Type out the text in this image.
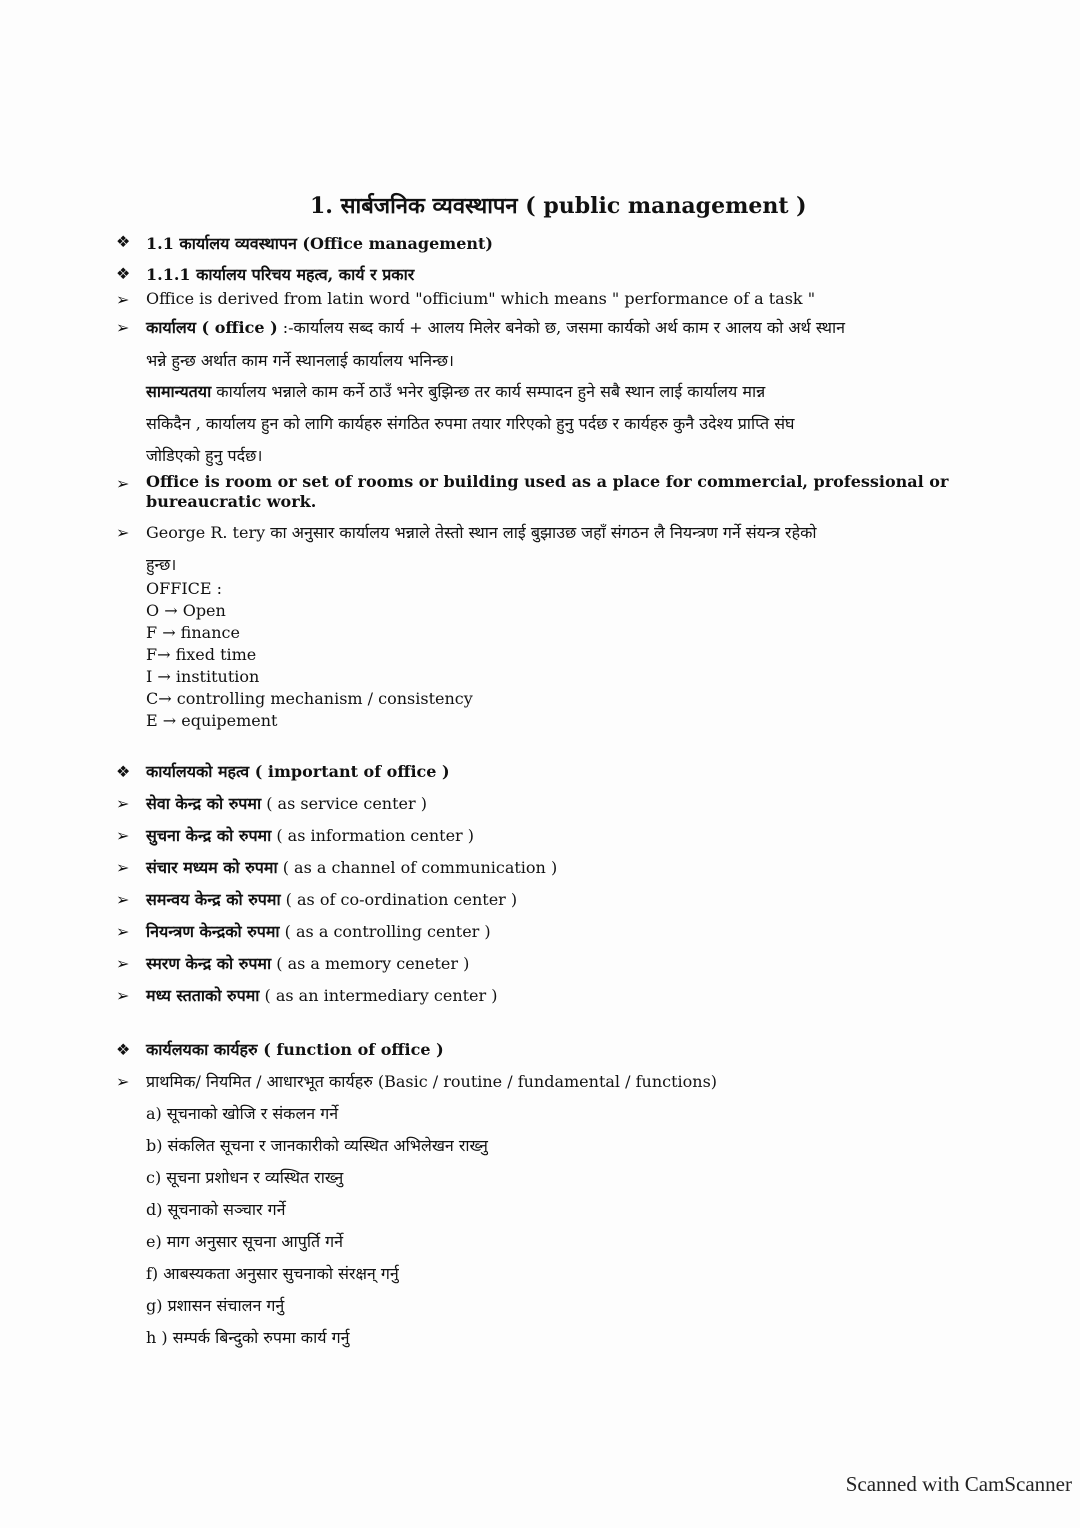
1. सार्बजनिक व्यवस्थापन ( public management )
❖ 1.1 कार्यालय व्यवस्थापन (Office management)
❖ 1.1.1 कार्यालय परिचय महत्व, कार्य र प्रकार
➢ Office is derived from latin word "officium" which means " performance of a task "
➢ कार्यालय ( office ) :-कार्यालय सब्द कार्य + आलय मिलेर बनेको छ, जसमा कार्यको अर्थ काम र आलय को अर्थ स्थान
भन्ने हुन्छ अर्थात काम गर्ने स्थानलाई कार्यालय भनिन्छ।
सामान्यतया कार्यालय भन्नाले काम कर्ने ठाउँ भनेर बुझिन्छ तर कार्य सम्पादन हुने सबै स्थान लाई कार्यालय मान्न
सकिदैन , कार्यालय हुन को लागि कार्यहरु संगठित रुपमा तयार गरिएको हुनु पर्दछ र कार्यहरु कुनै उदेश्य प्राप्ति संघ
जोडिएको हुनु पर्दछ।
➢ Office is room or set of rooms or building used as a place for commercial, professional or bureaucratic work.
➢ George R. tery का अनुसार कार्यालय भन्नाले तेस्तो स्थान लाई बुझाउछ जहाँ संगठन लै नियन्त्रण गर्ने संयन्त्र रहेको
हुन्छ।
OFFICE :
O → Open
F → finance
F→ fixed time
I → institution
C→ controlling mechanism / consistency
E → equipement
❖ कार्यालयको महत्व ( important of office )
➢ सेवा केन्द्र को रुपमा ( as service center )
➢ सुचना केन्द्र को रुपमा ( as information center )
➢ संचार मध्यम को रुपमा ( as a channel of communication )
➢ समन्वय केन्द्र को रुपमा ( as of co-ordination center )
➢ नियन्त्रण केन्द्रको रुपमा ( as a controlling center )
➢ स्मरण केन्द्र को रुपमा ( as a memory ceneter )
➢ मध्य स्तताको रुपमा ( as an intermediary center )
❖ कार्यलयका कार्यहरु ( function of office )
➢ प्राथमिक/ नियमित / आधारभूत कार्यहरु (Basic / routine / fundamental / functions)
a) सूचनाको खोजि र संकलन गर्ने
b) संकलित सूचना र जानकारीको व्यस्थित अभिलेखन राख्नु
c) सूचना प्रशोधन र व्यस्थित राख्नु
d) सूचनाको सञ्चार गर्ने
e) माग अनुसार सूचना आपुर्ति गर्ने
f) आबस्यकता अनुसार सुचनाको संरक्षन् गर्नु
g) प्रशासन संचालन गर्नु
h ) सम्पर्क बिन्दुको रुपमा कार्य गर्नु
Scanned with CamScanner
